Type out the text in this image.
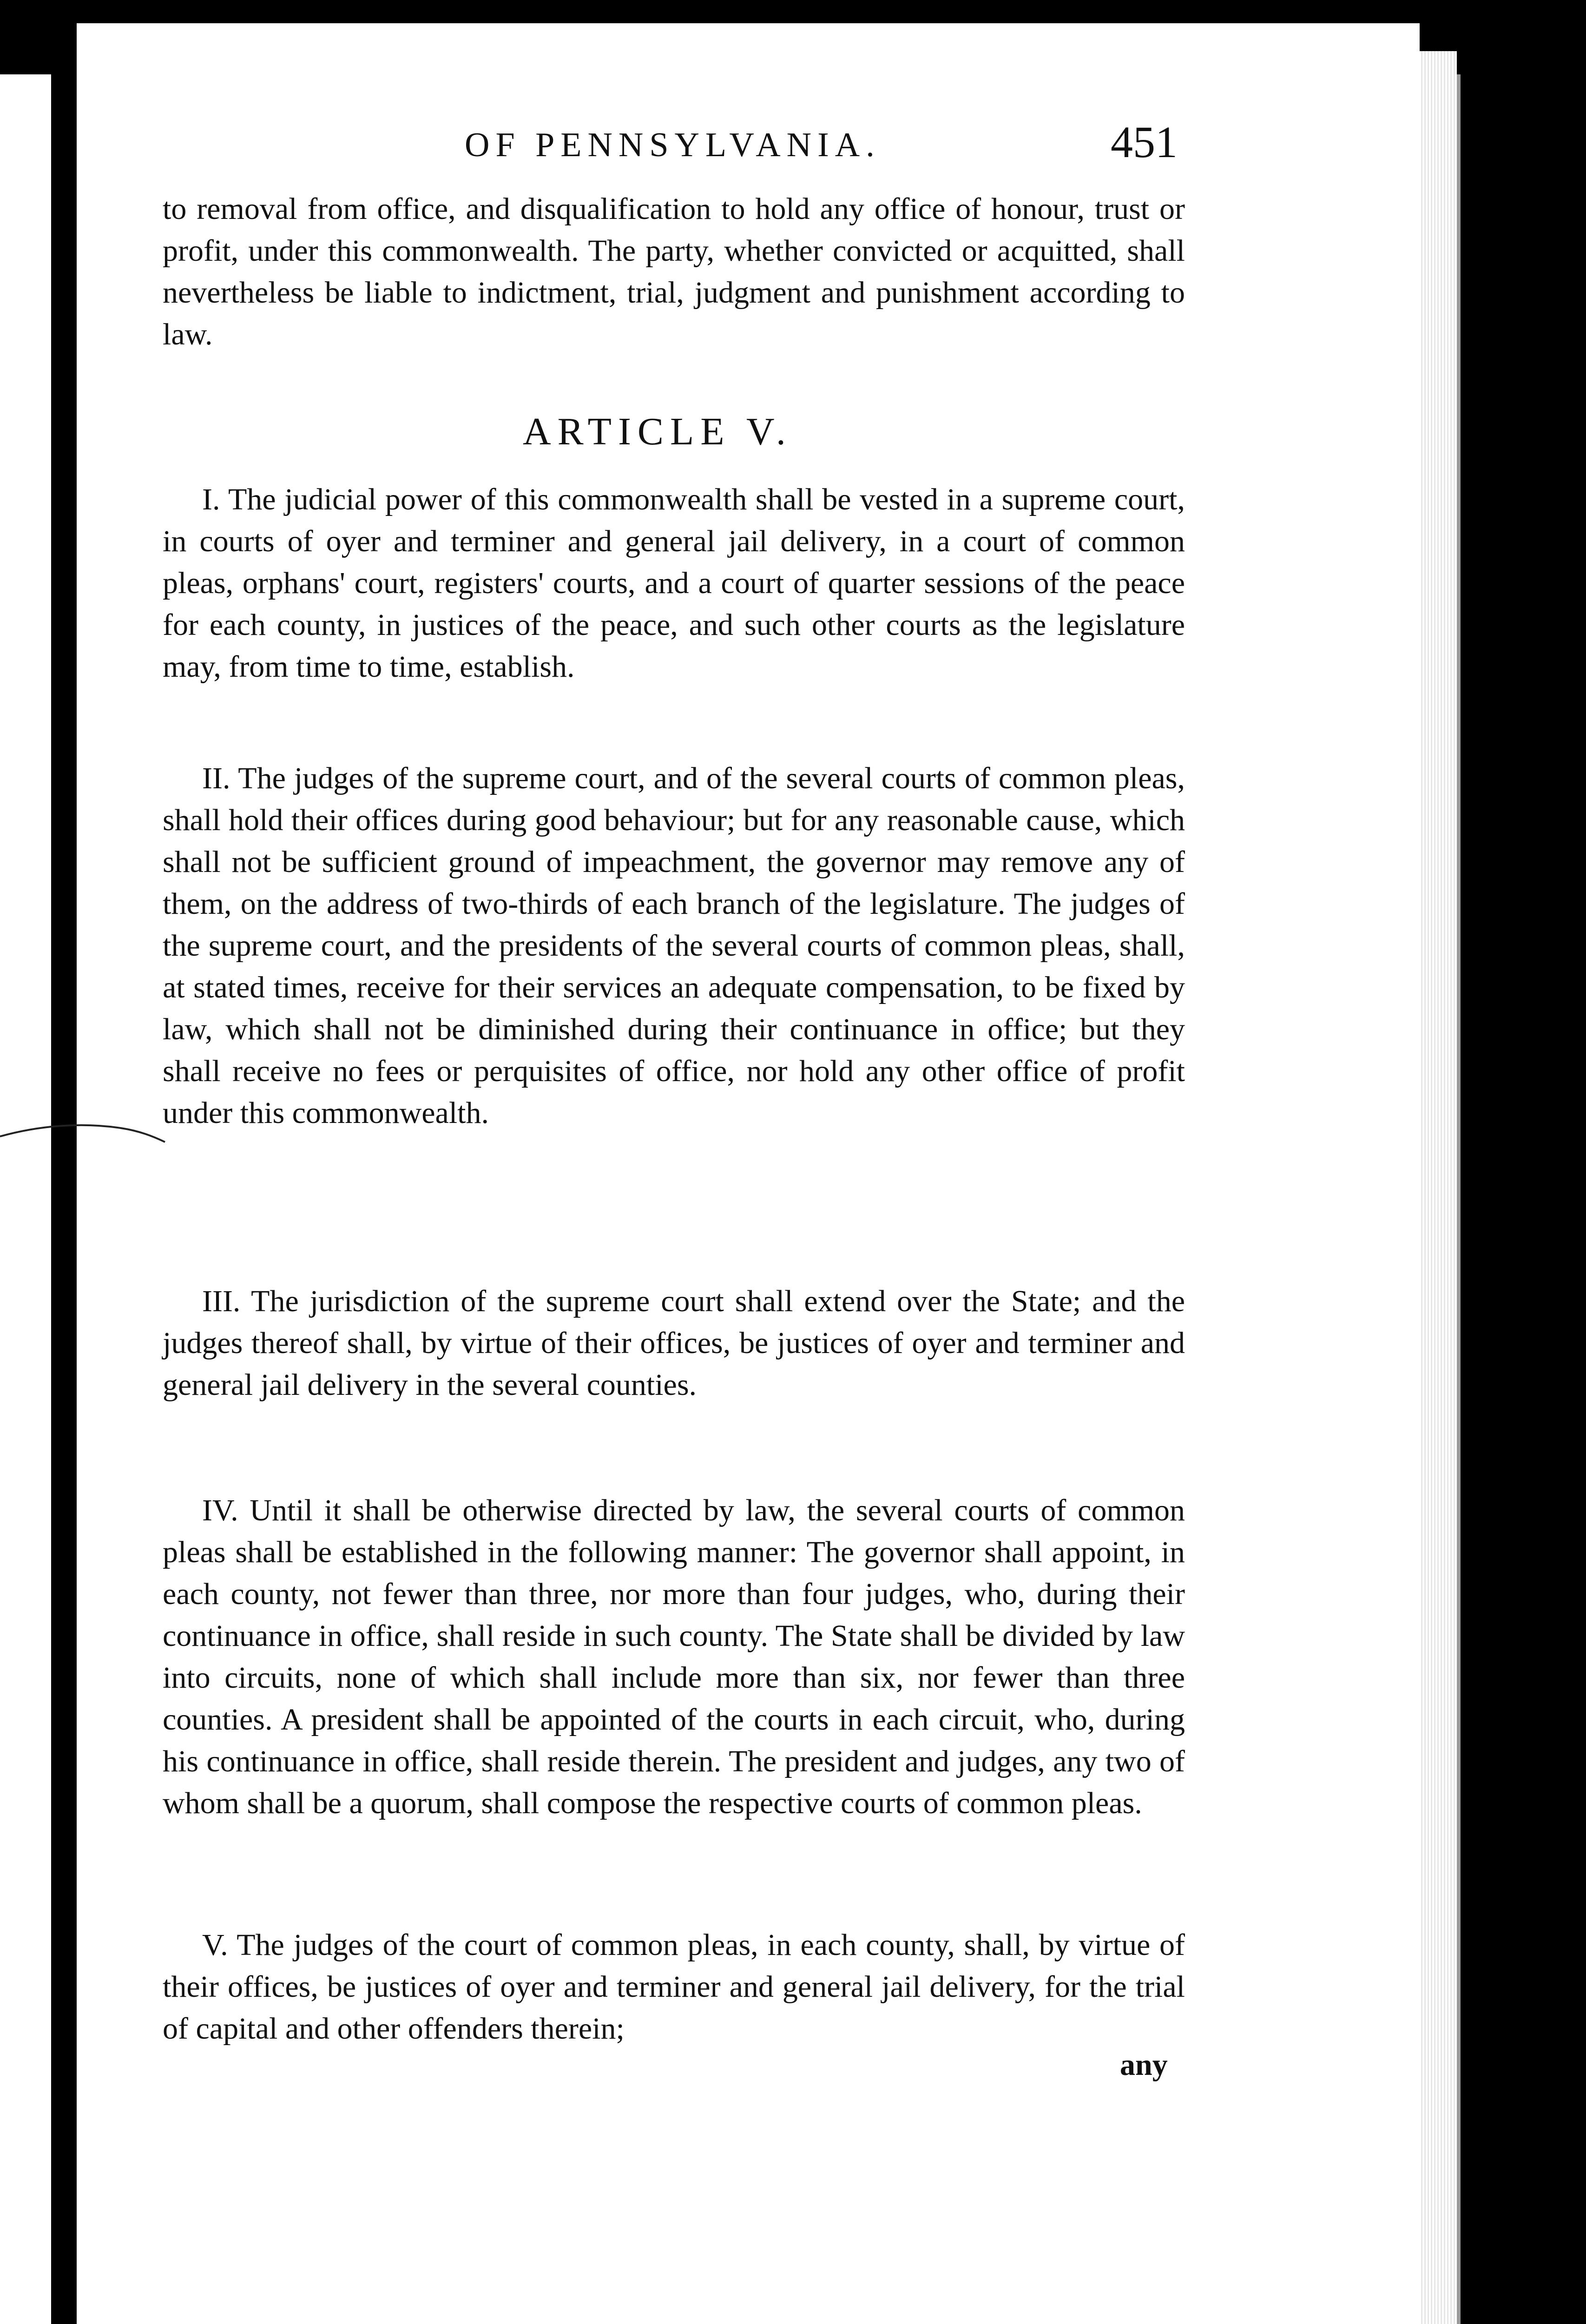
OF PENNSYLVANIA.	451

to removal from office, and disqualification to hold any office of honour, trust or profit, under this commonwealth. The party, whether convicted or acquitted, shall nevertheless be liable to indictment, trial, judgment and punishment according to law.

ARTICLE V.

I. The judicial power of this commonwealth shall be vested in a supreme court, in courts of oyer and terminer and general jail delivery, in a court of common pleas, orphans' court, registers' courts, and a court of quarter sessions of the peace for each county, in justices of the peace, and such other courts as the legislature may, from time to time, establish.

II. The judges of the supreme court, and of the several courts of common pleas, shall hold their offices during good behaviour; but for any reasonable cause, which shall not be sufficient ground of impeachment, the governor may remove any of them, on the address of two-thirds of each branch of the legislature. The judges of the supreme court, and the presidents of the several courts of common pleas, shall, at stated times, receive for their services an adequate compensation, to be fixed by law, which shall not be diminished during their continuance in office; but they shall receive no fees or perquisites of office, nor hold any other office of profit under this commonwealth.

III. The jurisdiction of the supreme court shall extend over the State; and the judges thereof shall, by virtue of their offices, be justices of oyer and terminer and general jail delivery in the several counties.

IV. Until it shall be otherwise directed by law, the several courts of common pleas shall be established in the following manner: The governor shall appoint, in each county, not fewer than three, nor more than four judges, who, during their continuance in office, shall reside in such county. The State shall be divided by law into circuits, none of which shall include more than six, nor fewer than three counties. A president shall be appointed of the courts in each circuit, who, during his continuance in office, shall reside therein. The president and judges, any two of whom shall be a quorum, shall compose the respective courts of common pleas.

V. The judges of the court of common pleas, in each county, shall, by virtue of their offices, be justices of oyer and terminer and general jail delivery, for the trial of capital and other offenders therein;

any
